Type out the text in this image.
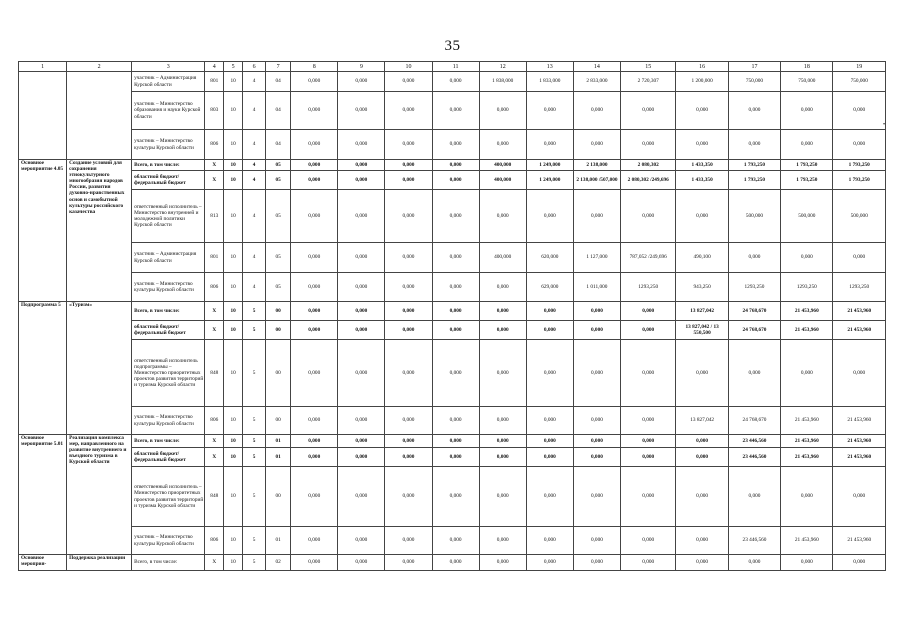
35
1	2	3	4	5	6	7	8	9	10	11	12	13	14	15	16	17	18	19
		участник – Администрация Курской области	801	10	4	04	0,000	0,000	0,000	0,000	1 838,000	1 833,000	2 833,000	2 720,307	1 200,000	750,000	750,000	750,000
		участник – Министерство образования и науки Курской области	803	10	4	04	0,000	0,000	0,000	0,000	0,000	0,000	0,000	0,000	0,000	0,000	0,000	0,000
		участник – Министерство культуры Курской области	806	10	4	04	0,000	0,000	0,000	0,000	0,000	0,000	0,000	0,000	0,000	0,000	0,000	0,000
Основное мероприятие 4.05	Создание условий для сохранения этнокультурного многообразия народов России, развития духовно-нравственных основ и самобытной культуры российского казачества	Всего, в том числе:	Х	10	4	05	0,000	0,000	0,000	0,000	400,000	1 249,000	2 138,000	2 080,302	1 433,350	1 793,250	1 793,250	1 793,250
		областной бюджет/ федеральный бюджет	Х	10	4	05	0,000	0,000	0,000	0,000	400,000	1 249,000	2 138,000 /507,000	2 080,302 /249,696	1 433,350	1 793,250	1 793,250	1 793,250
		ответственный исполнитель – Министерство внутренней и молодежной политики Курской области	813	10	4	05	0,000	0,000	0,000	0,000	0,000	0,000	0,000	0,000	0,000	500,000	500,000	500,000
		участник – Администрация Курской области	801	10	4	05	0,000	0,000	0,000	0,000	400,000	620,000	1 127,000	787,052 /249,696	490,100	0,000	0,000	0,000
		участник – Министерство культуры Курской области	806	10	4	05	0,000	0,000	0,000	0,000	0,000	629,000	1 011,000	1293,250	943,250	1293,250	1293,250	1293,250
Подпрограмма 5	«Туризм»	Всего, в том числе:	Х	10	5	00	0,000	0,000	0,000	0,000	0,000	0,000	0,000	0,000	13 827,042	24 768,670	21 453,960	21 453,960
		областной бюджет/ федеральный бюджет	Х	10	5	00	0,000	0,000	0,000	0,000	0,000	0,000	0,000	0,000	13 827,042 / 13 550,500	24 768,670	21 453,960	21 453,960
		ответственный исполнитель подпрограммы – Министерство приоритетных проектов развития территорий и туризма Курской области	848	10	5	00	0,000	0,000	0,000	0,000	0,000	0,000	0,000	0,000	0,000	0,000	0,000	0,000
		участник – Министерство культуры Курской области	806	10	5	00	0,000	0,000	0,000	0,000	0,000	0,000	0,000	0,000	13 827,042	24 768,670	21 453,960	21 453,960
Основное мероприятие 5.01	Реализация комплекса мер, направленного на развитие внутреннего и въездного туризма в Курской области	Всего, в том числе:	Х	10	5	01	0,000	0,000	0,000	0,000	0,000	0,000	0,000	0,000	0,000	23 446,560	21 453,960	21 453,960
		областной бюджет/ федеральный бюджет	Х	10	5	01	0,000	0,000	0,000	0,000	0,000	0,000	0,000	0,000	0,000	23 446,560	21 453,960	21 453,960
		ответственный исполнитель – Министерство приоритетных проектов развития территорий и туризма Курской области	848	10	5	00	0,000	0,000	0,000	0,000	0,000	0,000	0,000	0,000	0,000	0,000	0,000	0,000
		участник – Министерство культуры Курской области	806	10	5	01	0,000	0,000	0,000	0,000	0,000	0,000	0,000	0,000	0,000	23 446,560	21 453,960	21 453,960
Основное мероприя-	Поддержка реализации	Всего, в том числе:	Х	10	5	02	0,000	0,000	0,000	0,000	0,000	0,000	0,000	0,000	0,000	0,000	0,000	0,000
•
